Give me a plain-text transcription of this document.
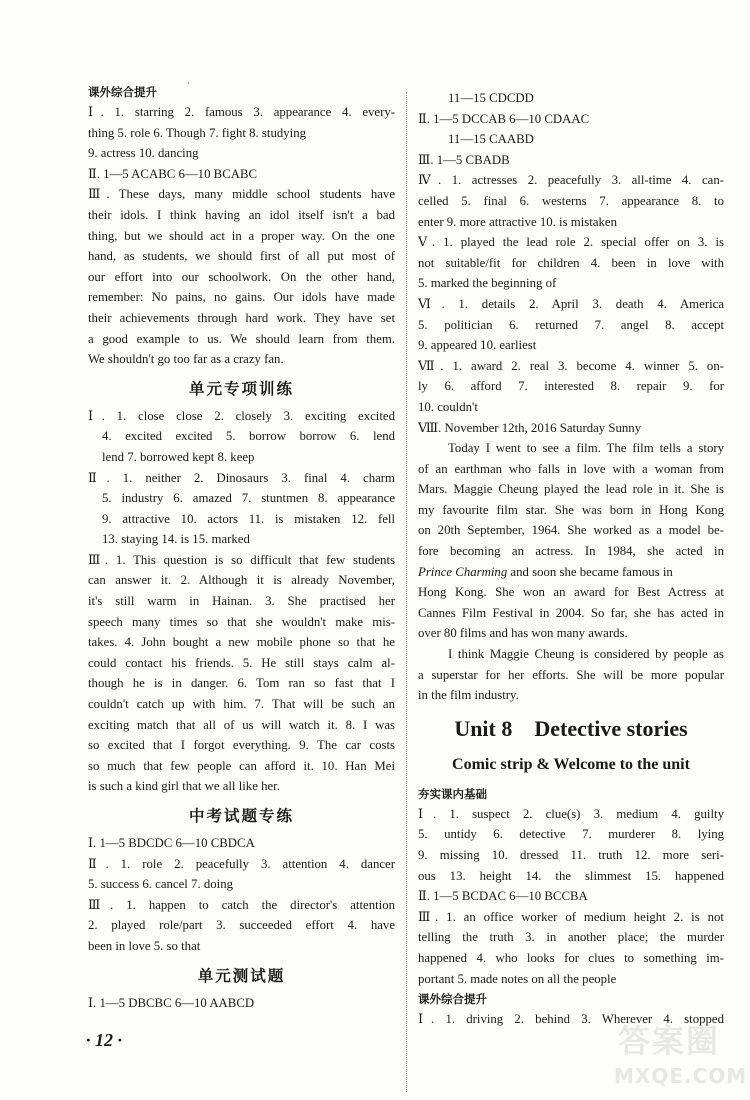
·
课外综合提升
Ⅰ. 1. starring 2. famous 3. appearance 4. every-
thing 5. role 6. Though 7. fight 8. studying
9. actress 10. dancing
Ⅱ. 1—5 ACABC 6—10 BCABC
Ⅲ. These days, many middle school students have
their idols. I think having an idol itself isn't a bad
thing, but we should act in a proper way. On the one
hand, as students, we should first of all put most of
our effort into our schoolwork. On the other hand,
remember: No pains, no gains. Our idols have made
their achievements through hard work. They have set
a good example to us. We should learn from them.
We shouldn't go too far as a crazy fan.
单元专项训练
Ⅰ. 1. close close 2. closely 3. exciting excited
4. excited excited 5. borrow borrow 6. lend
lend 7. borrowed kept 8. keep
Ⅱ. 1. neither 2. Dinosaurs 3. final 4. charm
5. industry 6. amazed 7. stuntmen 8. appearance
9. attractive 10. actors 11. is mistaken 12. fell
13. staying 14. is 15. marked
Ⅲ. 1. This question is so difficult that few students
can answer it. 2. Although it is already November,
it's still warm in Hainan. 3. She practised her
speech many times so that she wouldn't make mis-
takes. 4. John bought a new mobile phone so that he
could contact his friends. 5. He still stays calm al-
though he is in danger. 6. Tom ran so fast that I
couldn't catch up with him. 7. That will be such an
exciting match that all of us will watch it. 8. I was
so excited that I forgot everything. 9. The car costs
so much that few people can afford it. 10. Han Mei
is such a kind girl that we all like her.
中考试题专练
Ⅰ. 1—5 BDCDC 6—10 CBDCA
Ⅱ. 1. role 2. peacefully 3. attention 4. dancer
5. success 6. cancel 7. doing
Ⅲ. 1. happen to catch the director's attention
2. played role/part 3. succeeded effort 4. have
been in love 5. so that
单元测试题
Ⅰ. 1—5 DBCBC 6—10 AABCD
11—15 CDCDD
Ⅱ. 1—5 DCCAB 6—10 CDAAC
11—15 CAABD
Ⅲ. 1—5 CBADB
Ⅳ. 1. actresses 2. peacefully 3. all-time 4. can-
celled 5. final 6. westerns 7. appearance 8. to
enter 9. more attractive 10. is mistaken
Ⅴ. 1. played the lead role 2. special offer on 3. is
not suitable/fit for children 4. been in love with
5. marked the beginning of
Ⅵ. 1. details 2. April 3. death 4. America
5. politician 6. returned 7. angel 8. accept
9. appeared 10. earliest
Ⅶ. 1. award 2. real 3. become 4. winner 5. on-
ly 6. afford 7. interested 8. repair 9. for
10. couldn't
Ⅷ. November 12th, 2016 Saturday Sunny
Today I went to see a film. The film tells a story
of an earthman who falls in love with a woman from
Mars. Maggie Cheung played the lead role in it. She is
my favourite film star. She was born in Hong Kong
on 20th September, 1964. She worked as a model be-
fore becoming an actress. In 1984, she acted in
Prince Charming and soon she became famous in
Hong Kong. She won an award for Best Actress at
Cannes Film Festival in 2004. So far, she has acted in
over 80 films and has won many awards.
I think Maggie Cheung is considered by people as
a superstar for her efforts. She will be more popular
in the film industry.
Unit 8 Detective stories
Comic strip & Welcome to the unit
夯实课内基础
Ⅰ. 1. suspect 2. clue(s) 3. medium 4. guilty
5. untidy 6. detective 7. murderer 8. lying
9. missing 10. dressed 11. truth 12. more seri-
ous 13. height 14. the slimmest 15. happened
Ⅱ. 1—5 BCDAC 6—10 BCCBA
Ⅲ. 1. an office worker of medium height 2. is not
telling the truth 3. in another place; the murder
happened 4. who looks for clues to something im-
portant 5. made notes on all the people
课外综合提升
Ⅰ. 1. driving 2. behind 3. Wherever 4. stopped
· 12 ·	答案圈
MXQE.COM
